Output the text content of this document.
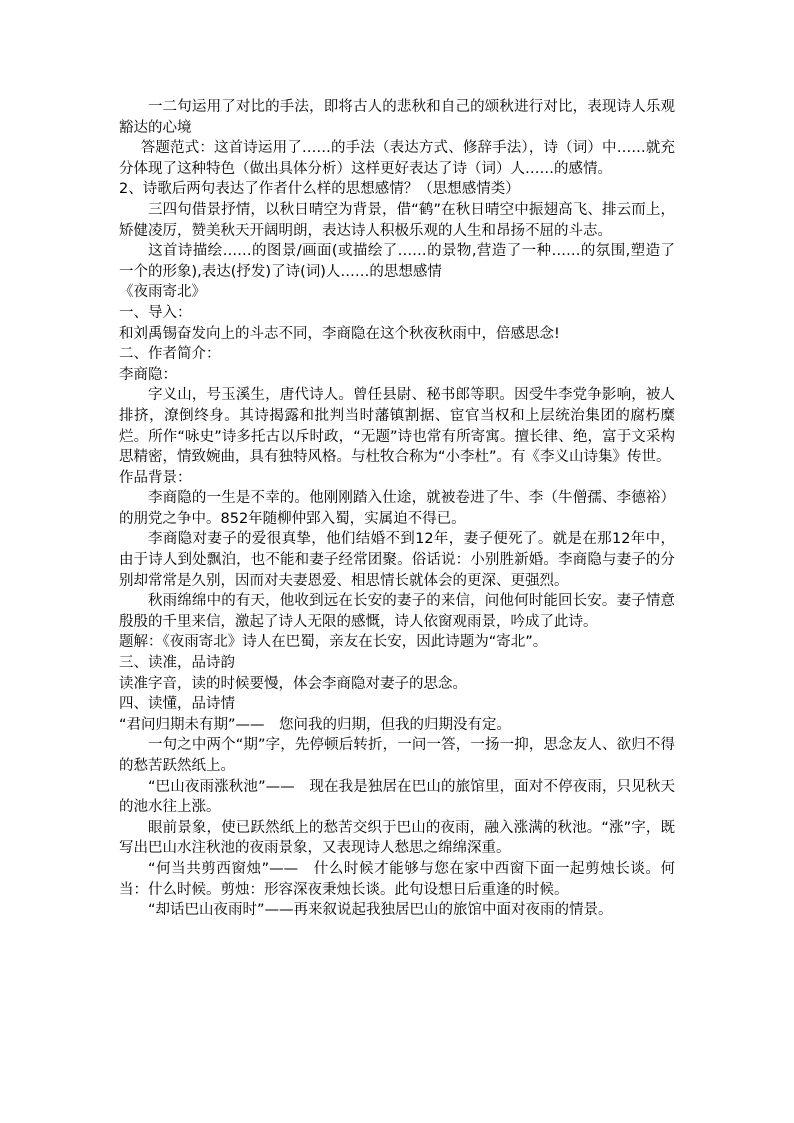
一二句运用了对比的手法，即将古人的悲秋和自己的颂秋进行对比，表现诗人乐观豁达的心境

答题范式：这首诗运用了……的手法（表达方式、修辞手法），诗（词）中……就充分体现了这种特色（做出具体分析）这样更好表达了诗（词）人……的感情。

2、诗歌后两句表达了作者什么样的思想感情？（思想感情类）

三四句借景抒情，以秋日晴空为背景，借“鹤”在秋日晴空中振翅高飞、排云而上，矫健凌厉，赞美秋天开阔明朗，表达诗人积极乐观的人生和昂扬不屈的斗志。

这首诗描绘……的图景/画面(或描绘了……的景物,营造了一种……的氛围,塑造了一个的形象),表达(抒发)了诗(词)人……的思想感情

《夜雨寄北》

一、导入：

和刘禹锡奋发向上的斗志不同，李商隐在这个秋夜秋雨中，倍感思念!

二、作者简介：

李商隐：

字义山，号玉溪生，唐代诗人。曾任县尉、秘书郎等职。因受牛李党争影响，被人排挤，潦倒终身。其诗揭露和批判当时藩镇割据、宦官当权和上层统治集团的腐朽糜烂。所作“咏史”诗多托古以斥时政，“无题”诗也常有所寄寓。擅长律、绝，富于文采构思精密，情致婉曲，具有独特风格。与杜牧合称为“小李杜”。有《李义山诗集》传世。

作品背景：

李商隐的一生是不幸的。他刚刚踏入仕途，就被卷进了牛、李（牛僧孺、李德裕）的朋党之争中。852年随柳仲郢入蜀，实属迫不得已。

李商隐对妻子的爱很真挚，他们结婚不到12年，妻子便死了。就是在那12年中，由于诗人到处飘泊，也不能和妻子经常团聚。俗话说：小别胜新婚。李商隐与妻子的分别却常常是久别，因而对夫妻恩爱、相思情长就体会的更深、更强烈。

秋雨绵绵中的有天，他收到远在长安的妻子的来信，问他何时能回长安。妻子情意殷殷的千里来信，激起了诗人无限的感慨，诗人依窗观雨景，吟成了此诗。

题解：《夜雨寄北》诗人在巴蜀，亲友在长安，因此诗题为“寄北”。

三、读准，品诗韵

读准字音，读的时候要慢，体会李商隐对妻子的思念。

四、读懂，品诗情

“君问归期未有期”——　您问我的归期，但我的归期没有定。

一句之中两个“期”字，先停顿后转折，一问一答，一扬一抑，思念友人、欲归不得的愁苦跃然纸上。

“巴山夜雨涨秋池”——　现在我是独居在巴山的旅馆里，面对不停夜雨，只见秋天的池水往上涨。

眼前景象，使已跃然纸上的愁苦交织于巴山的夜雨，融入涨满的秋池。“涨”字，既写出巴山水注秋池的夜雨景象，又表现诗人愁思之绵绵深重。

“何当共剪西窗烛”——　什么时候才能够与您在家中西窗下面一起剪烛长谈。何当：什么时候。剪烛：形容深夜秉烛长谈。此句设想日后重逢的时候。

“却话巴山夜雨时”——再来叙说起我独居巴山的旅馆中面对夜雨的情景。
